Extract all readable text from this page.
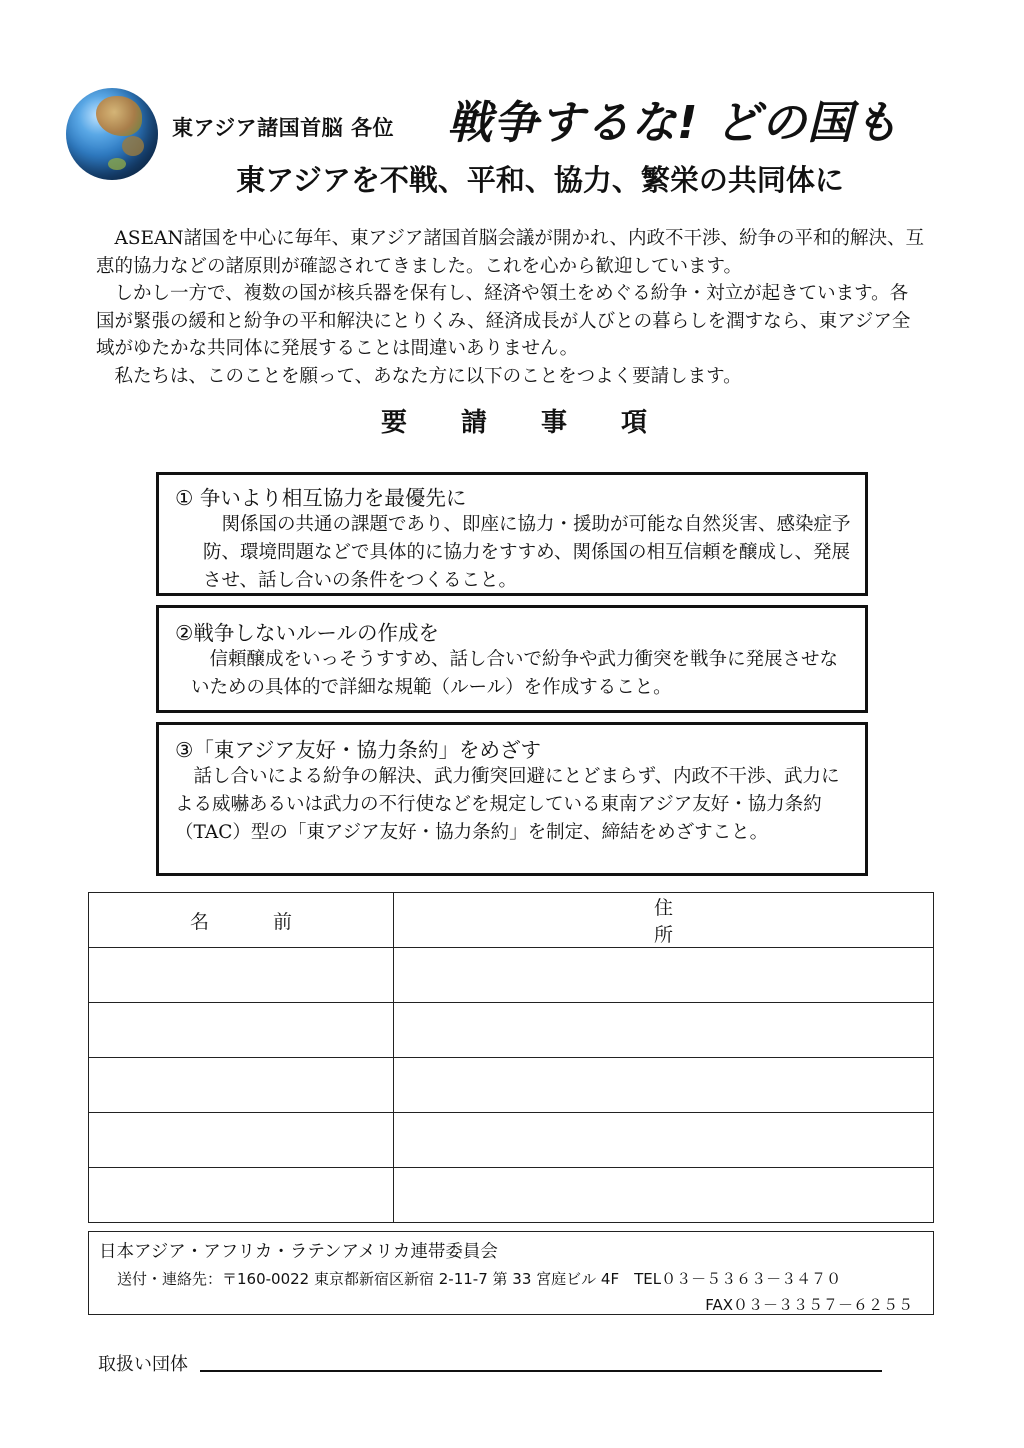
東アジア諸国首脳 各位 戦争するな! どの国も
東アジアを不戦、平和、協力、繁栄の共同体に

ASEAN諸国を中心に毎年、東アジア諸国首脳会議が開かれ、内政不干渉、紛争の平和的解決、互恵的協力などの諸原則が確認されてきました。これを心から歓迎しています。

しかし一方で、複数の国が核兵器を保有し、経済や領土をめぐる紛争・対立が起きています。各国が緊張の緩和と紛争の平和解決にとりくみ、経済成長が人びとの暮らしを潤すなら、東アジア全域がゆたかな共同体に発展することは間違いありません。

私たちは、このことを願って、あなた方に以下のことをつよく要請します。

要請事項

① 争いより相互協力を最優先に

関係国の共通の課題であり、即座に協力・援助が可能な自然災害、感染症予防、環境問題などで具体的に協力をすすめ、関係国の相互信頼を醸成し、発展させ、話し合いの条件をつくること。

②戦争しないルールの作成を

信頼醸成をいっそうすすめ、話し合いで紛争や武力衝突を戦争に発展させないための具体的で詳細な規範（ルール）を作成すること。

③「東アジア友好・協力条約」をめざす

話し合いによる紛争の解決、武力衝突回避にとどまらず、内政不干渉、武力による威嚇あるいは武力の不行使などを規定している東南アジア友好・協力条約（TAC）型の「東アジア友好・協力条約」を制定、締結をめざすこと。

名前	住所

日本アジア・アフリカ・ラテンアメリカ連帯委員会
送付・連絡先：〒160-0022 東京都新宿区新宿 2-11-7 第 33 宮庭ビル 4F　TEL０３－５３６３－３４７０
FAX０３－３３５７－６２５５
取扱い団体
